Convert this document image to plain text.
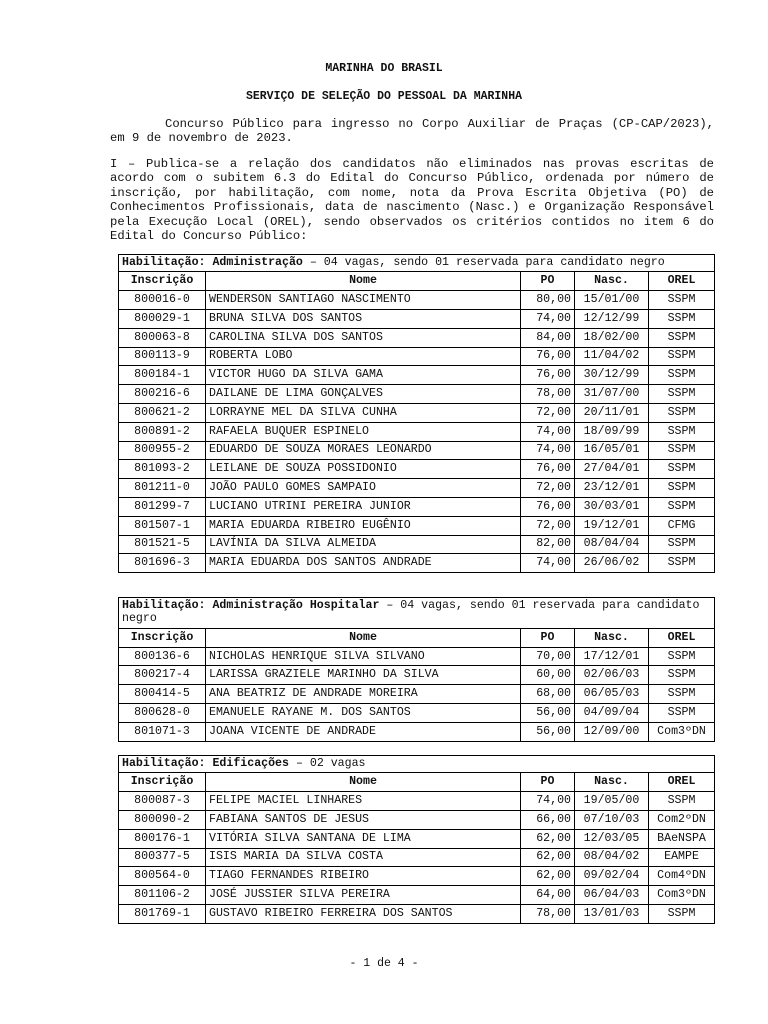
MARINHA DO BRASIL
SERVIÇO DE SELEÇÃO DO PESSOAL DA MARINHA
Concurso Público para ingresso no Corpo Auxiliar de Praças (CP-CAP/2023), em 9 de novembro de 2023.
I – Publica-se a relação dos candidatos não eliminados nas provas escritas de acordo com o subitem 6.3 do Edital do Concurso Público, ordenada por número de inscrição, por habilitação, com nome, nota da Prova Escrita Objetiva (PO) de Conhecimentos Profissionais, data de nascimento (Nasc.) e Organização Responsável pela Execução Local (OREL), sendo observados os critérios contidos no item 6 do Edital do Concurso Público:
Habilitação: Administração – 04 vagas, sendo 01 reservada para candidato negro				
Inscrição	Nome	PO	Nasc.	OREL
800016-0	WENDERSON SANTIAGO NASCIMENTO	80,00	15/01/00	SSPM
800029-1	BRUNA SILVA DOS SANTOS	74,00	12/12/99	SSPM
800063-8	CAROLINA SILVA DOS SANTOS	84,00	18/02/00	SSPM
800113-9	ROBERTA LOBO	76,00	11/04/02	SSPM
800184-1	VICTOR HUGO DA SILVA GAMA	76,00	30/12/99	SSPM
800216-6	DAILANE DE LIMA GONÇALVES	78,00	31/07/00	SSPM
800621-2	LORRAYNE MEL DA SILVA CUNHA	72,00	20/11/01	SSPM
800891-2	RAFAELA BUQUER ESPINELO	74,00	18/09/99	SSPM
800955-2	EDUARDO DE SOUZA MORAES LEONARDO	74,00	16/05/01	SSPM
801093-2	LEILANE DE SOUZA POSSIDONIO	76,00	27/04/01	SSPM
801211-0	JOÃO PAULO GOMES SAMPAIO	72,00	23/12/01	SSPM
801299-7	LUCIANO UTRINI PEREIRA JUNIOR	76,00	30/03/01	SSPM
801507-1	MARIA EDUARDA RIBEIRO EUGÊNIO	72,00	19/12/01	CFMG
801521-5	LAVÍNIA DA SILVA ALMEIDA	82,00	08/04/04	SSPM
801696-3	MARIA EDUARDA DOS SANTOS ANDRADE	74,00	26/06/02	SSPM
Habilitação: Administração Hospitalar – 04 vagas, sendo 01 reservada para candidato negro				
Inscrição	Nome	PO	Nasc.	OREL
800136-6	NICHOLAS HENRIQUE SILVA SILVANO	70,00	17/12/01	SSPM
800217-4	LARISSA GRAZIELE MARINHO DA SILVA	60,00	02/06/03	SSPM
800414-5	ANA BEATRIZ DE ANDRADE MOREIRA	68,00	06/05/03	SSPM
800628-0	EMANUELE RAYANE M. DOS SANTOS	56,00	04/09/04	SSPM
801071-3	JOANA VICENTE DE ANDRADE	56,00	12/09/00	Com3ºDN
Habilitação: Edificações – 02 vagas				
Inscrição	Nome	PO	Nasc.	OREL
800087-3	FELIPE MACIEL LINHARES	74,00	19/05/00	SSPM
800090-2	FABIANA SANTOS DE JESUS	66,00	07/10/03	Com2ºDN
800176-1	VITÓRIA SILVA SANTANA DE LIMA	62,00	12/03/05	BAeNSPA
800377-5	ISIS MARIA DA SILVA COSTA	62,00	08/04/02	EAMPE
800564-0	TIAGO FERNANDES RIBEIRO	62,00	09/02/04	Com4ºDN
801106-2	JOSÉ JUSSIER SILVA PEREIRA	64,00	06/04/03	Com3ºDN
801769-1	GUSTAVO RIBEIRO FERREIRA DOS SANTOS	78,00	13/01/03	SSPM
- 1 de 4 -
